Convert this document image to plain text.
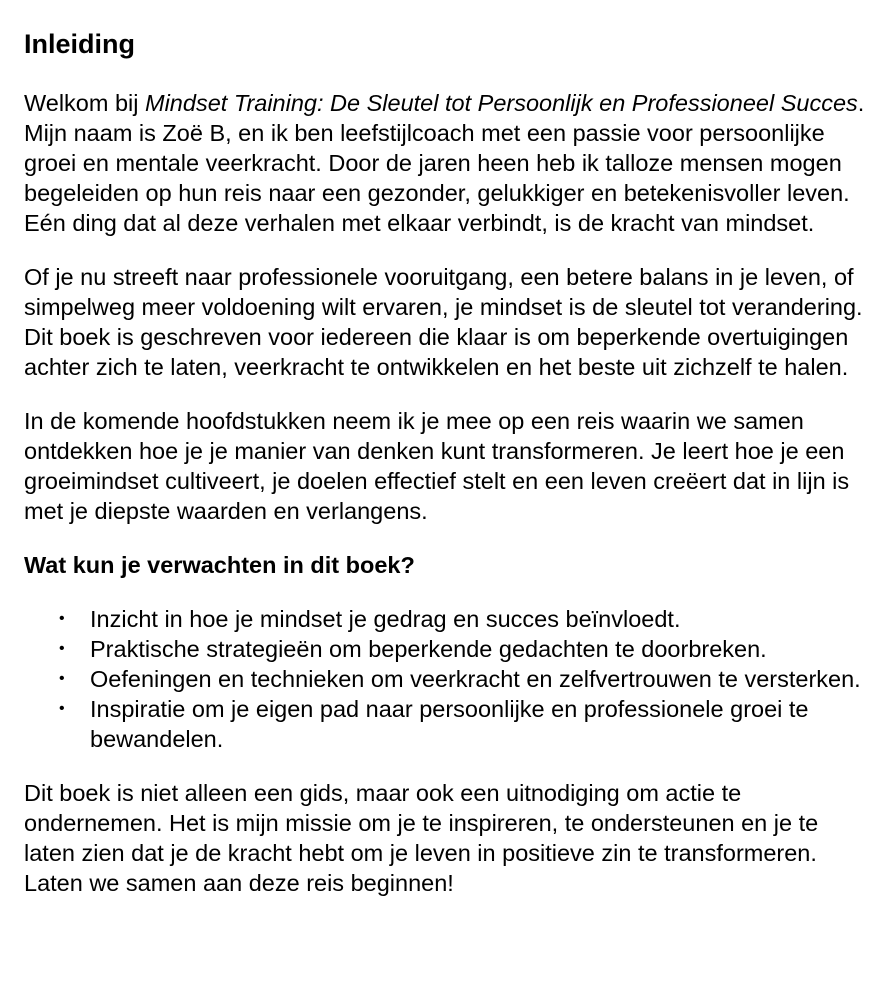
Inleiding

Welkom bij Mindset Training: De Sleutel tot Persoonlijk en Professioneel Succes. Mijn naam is Zoë B, en ik ben leefstijlcoach met een passie voor persoonlijke groei en mentale veerkracht. Door de jaren heen heb ik talloze mensen mogen begeleiden op hun reis naar een gezonder, gelukkiger en betekenisvoller leven. Eén ding dat al deze verhalen met elkaar verbindt, is de kracht van mindset.

Of je nu streeft naar professionele vooruitgang, een betere balans in je leven, of simpelweg meer voldoening wilt ervaren, je mindset is de sleutel tot verandering. Dit boek is geschreven voor iedereen die klaar is om beperkende overtuigingen achter zich te laten, veerkracht te ontwikkelen en het beste uit zichzelf te halen.

In de komende hoofdstukken neem ik je mee op een reis waarin we samen ontdekken hoe je je manier van denken kunt transformeren. Je leert hoe je een groeimindset cultiveert, je doelen effectief stelt en een leven creëert dat in lijn is met je diepste waarden en verlangens.

Wat kun je verwachten in dit boek?

• Inzicht in hoe je mindset je gedrag en succes beïnvloedt.
• Praktische strategieën om beperkende gedachten te doorbreken.
• Oefeningen en technieken om veerkracht en zelfvertrouwen te versterken.
• Inspiratie om je eigen pad naar persoonlijke en professionele groei te bewandelen.

Dit boek is niet alleen een gids, maar ook een uitnodiging om actie te ondernemen. Het is mijn missie om je te inspireren, te ondersteunen en je te laten zien dat je de kracht hebt om je leven in positieve zin te transformeren. Laten we samen aan deze reis beginnen!
